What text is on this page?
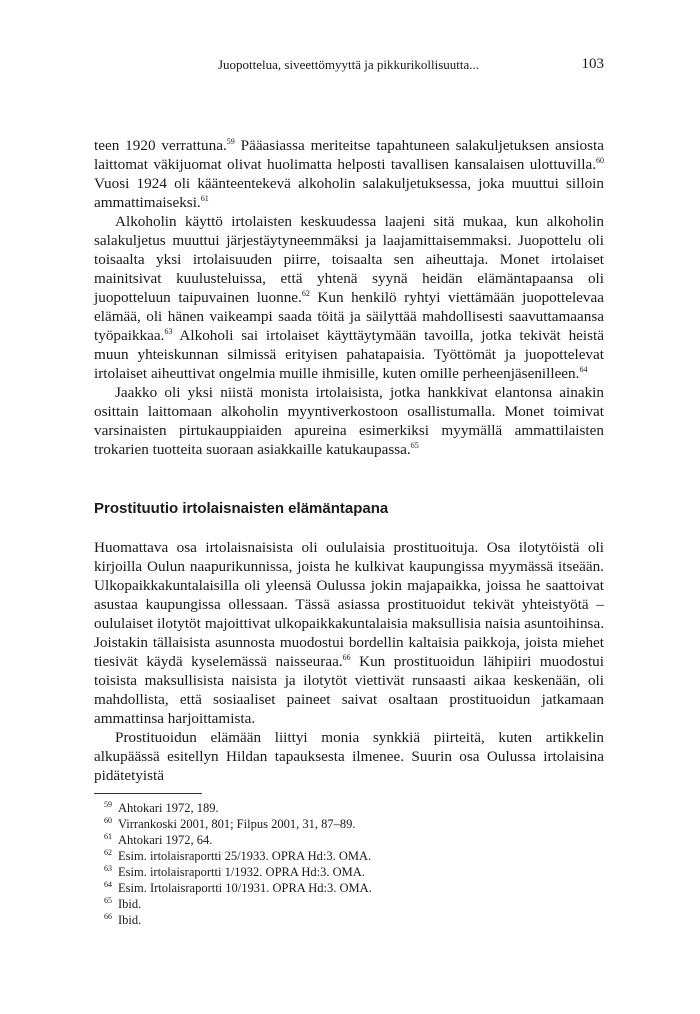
Juopottelua, siveettömyyttä ja pikkurikollisuutta...	103

teen 1920 verrattuna.$^{59}$ Pääasiassa meriteitse tapahtuneen salakuljetuksen ansiosta laittomat väkijuomat olivat huolimatta helposti tavallisen kansalaisen ulottuvilla.$^{60}$ Vuosi 1924 oli käänteentekevä alkoholin salakuljetuksessa, joka muuttui silloin ammattimaiseksi.$^{61}$

Alkoholin käyttö irtolaisten keskuudessa laajeni sitä mukaa, kun alkoholin salakuljetus muuttui järjestäytyneemmäksi ja laajamittaisemmaksi. Juopottelu oli toisaalta yksi irtolaisuuden piirre, toisaalta sen aiheuttaja. Monet irtolaiset mainitsivat kuulusteluissa, että yhtenä syynä heidän elämäntapaansa oli juopotteluun taipuvainen luonne.$^{62}$ Kun henkilö ryhtyi viettämään juopottelevaa elämää, oli hänen vaikeampi saada töitä ja säilyttää mahdollisesti saavuttamaansa työpaikkaa.$^{63}$ Alkoholi sai irtolaiset käyttäytymään tavoilla, jotka tekivät heistä muun yhteiskunnan silmissä erityisen pahatapaisia. Työttömät ja juopottelevat irtolaiset aiheuttivat ongelmia muille ihmisille, kuten omille perheenjäsenilleen.$^{64}$

Jaakko oli yksi niistä monista irtolaisista, jotka hankkivat elantonsa ainakin osittain laittomaan alkoholin myyntiverkostoon osallistumalla. Monet toimivat varsinaisten pirtukauppiaiden apureina esimerkiksi myymällä ammattilaisten trokarien tuotteita suoraan asiakkaille katukaupassa.$^{65}$

Prostituutio irtolaisnaisten elämäntapana

Huomattava osa irtolaisnaisista oli oululaisia prostituoituja. Osa ilotytöistä oli kirjoilla Oulun naapurikunnissa, joista he kulkivat kaupungissa myymässä itseään. Ulkopaikkakuntalaisilla oli yleensä Oulussa jokin majapaikka, joissa he saattoivat asustaa kaupungissa ollessaan. Tässä asiassa prostituoidut tekivät yhteistyötä – oululaiset ilotytöt majoittivat ulkopaikkakuntalaisia maksullisia naisia asuntoihinsa. Joistakin tällaisista asunnosta muodostui bordellin kaltaisia paikkoja, joista miehet tiesivät käydä kyselemässä naisseuraa.$^{66}$ Kun prostituoidun lähipiiri muodostui toisista maksullisista naisista ja ilotytöt viettivät runsaasti aikaa keskenään, oli mahdollista, että sosiaaliset paineet saivat osaltaan prostituoidun jatkamaan ammattinsa harjoittamista.

Prostituoidun elämään liittyi monia synkkiä piirteitä, kuten artikkelin alkupäässä esitellyn Hildan tapauksesta ilmenee. Suurin osa Oulussa irtolaisina pidätetyistä

59 Ahtokari 1972, 189.
60 Virrankoski 2001, 801; Filpus 2001, 31, 87–89.
61 Ahtokari 1972, 64.
62 Esim. irtolaisraportti 25/1933. OPRA Hd:3. OMA.
63 Esim. irtolaisraportti 1/1932. OPRA Hd:3. OMA.
64 Esim. Irtolaisraportti 10/1931. OPRA Hd:3. OMA.
65 Ibid.
66 Ibid.
